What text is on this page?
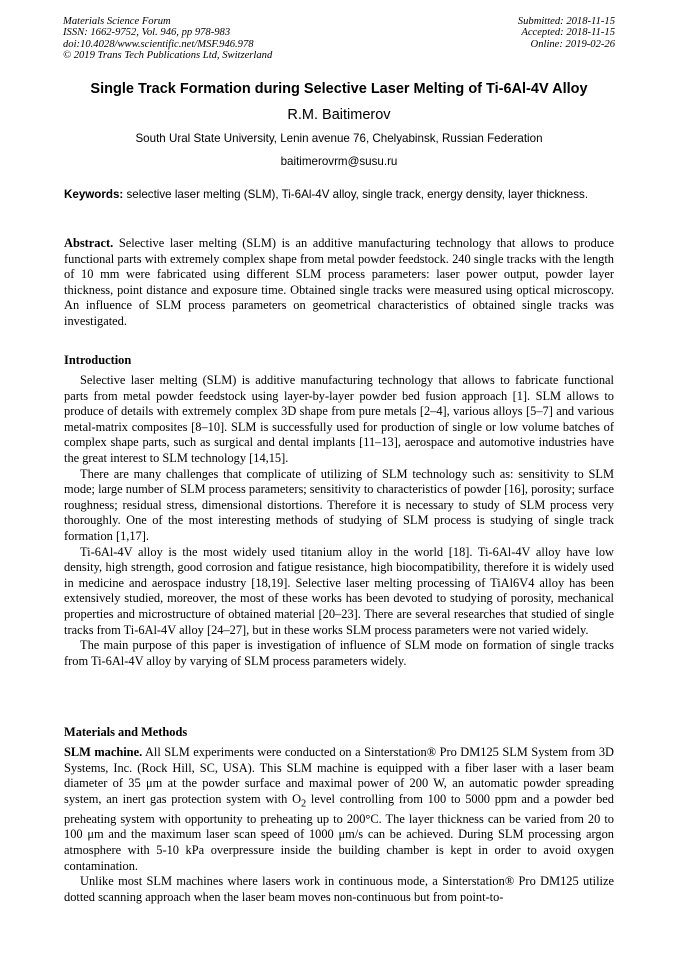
Materials Science Forum
ISSN: 1662-9752, Vol. 946, pp 978-983
doi:10.4028/www.scientific.net/MSF.946.978
© 2019 Trans Tech Publications Ltd, Switzerland
Submitted: 2018-11-15
Accepted: 2018-11-15
Online: 2019-02-26
Single Track Formation during Selective Laser Melting of Ti-6Al-4V Alloy
R.M. Baitimerov
South Ural State University, Lenin avenue 76, Chelyabinsk, Russian Federation
baitimerovrm@susu.ru
Keywords: selective laser melting (SLM), Ti-6Al-4V alloy, single track, energy density, layer thickness.

Abstract. Selective laser melting (SLM) is an additive manufacturing technology that allows to produce functional parts with extremely complex shape from metal powder feedstock. 240 single tracks with the length of 10 mm were fabricated using different SLM process parameters: laser power output, powder layer thickness, point distance and exposure time. Obtained single tracks were measured using optical microscopy. An influence of SLM process parameters on geometrical characteristics of obtained single tracks was investigated.

Introduction

Selective laser melting (SLM) is additive manufacturing technology that allows to fabricate functional parts from metal powder feedstock using layer-by-layer powder bed fusion approach [1]. SLM allows to produce of details with extremely complex 3D shape from pure metals [2–4], various alloys [5–7] and various metal-matrix composites [8–10]. SLM is successfully used for production of single or low volume batches of complex shape parts, such as surgical and dental implants [11–13], aerospace and automotive industries have the great interest to SLM technology [14,15].

There are many challenges that complicate of utilizing of SLM technology such as: sensitivity to SLM mode; large number of SLM process parameters; sensitivity to characteristics of powder [16], porosity; surface roughness; residual stress, dimensional distortions. Therefore it is necessary to study of SLM process very thoroughly. One of the most interesting methods of studying of SLM process is studying of single track formation [1,17].

Ti-6Al-4V alloy is the most widely used titanium alloy in the world [18]. Ti-6Al-4V alloy have low density, high strength, good corrosion and fatigue resistance, high biocompatibility, therefore it is widely used in medicine and aerospace industry [18,19]. Selective laser melting processing of TiAl6V4 alloy has been extensively studied, moreover, the most of these works has been devoted to studying of porosity, mechanical properties and microstructure of obtained material [20–23]. There are several researches that studied of single tracks from Ti-6Al-4V alloy [24–27], but in these works SLM process parameters were not varied widely.

The main purpose of this paper is investigation of influence of SLM mode on formation of single tracks from Ti-6Al-4V alloy by varying of SLM process parameters widely.

Materials and Methods

SLM machine. All SLM experiments were conducted on a Sinterstation® Pro DM125 SLM System from 3D Systems, Inc. (Rock Hill, SC, USA). This SLM machine is equipped with a fiber laser with a laser beam diameter of 35 μm at the powder surface and maximal power of 200 W, an automatic powder spreading system, an inert gas protection system with $O_2$ level controlling from 100 to 5000 ppm and a powder bed preheating system with opportunity to preheating up to 200°C. The layer thickness can be varied from 20 to 100 μm and the maximum laser scan speed of 1000 μm/s can be achieved. During SLM processing argon atmosphere with 5-10 kPa overpressure inside the building chamber is kept in order to avoid oxygen contamination.

Unlike most SLM machines where lasers work in continuous mode, a Sinterstation® Pro DM125 utilize dotted scanning approach when the laser beam moves non-continuous but from point-to-
